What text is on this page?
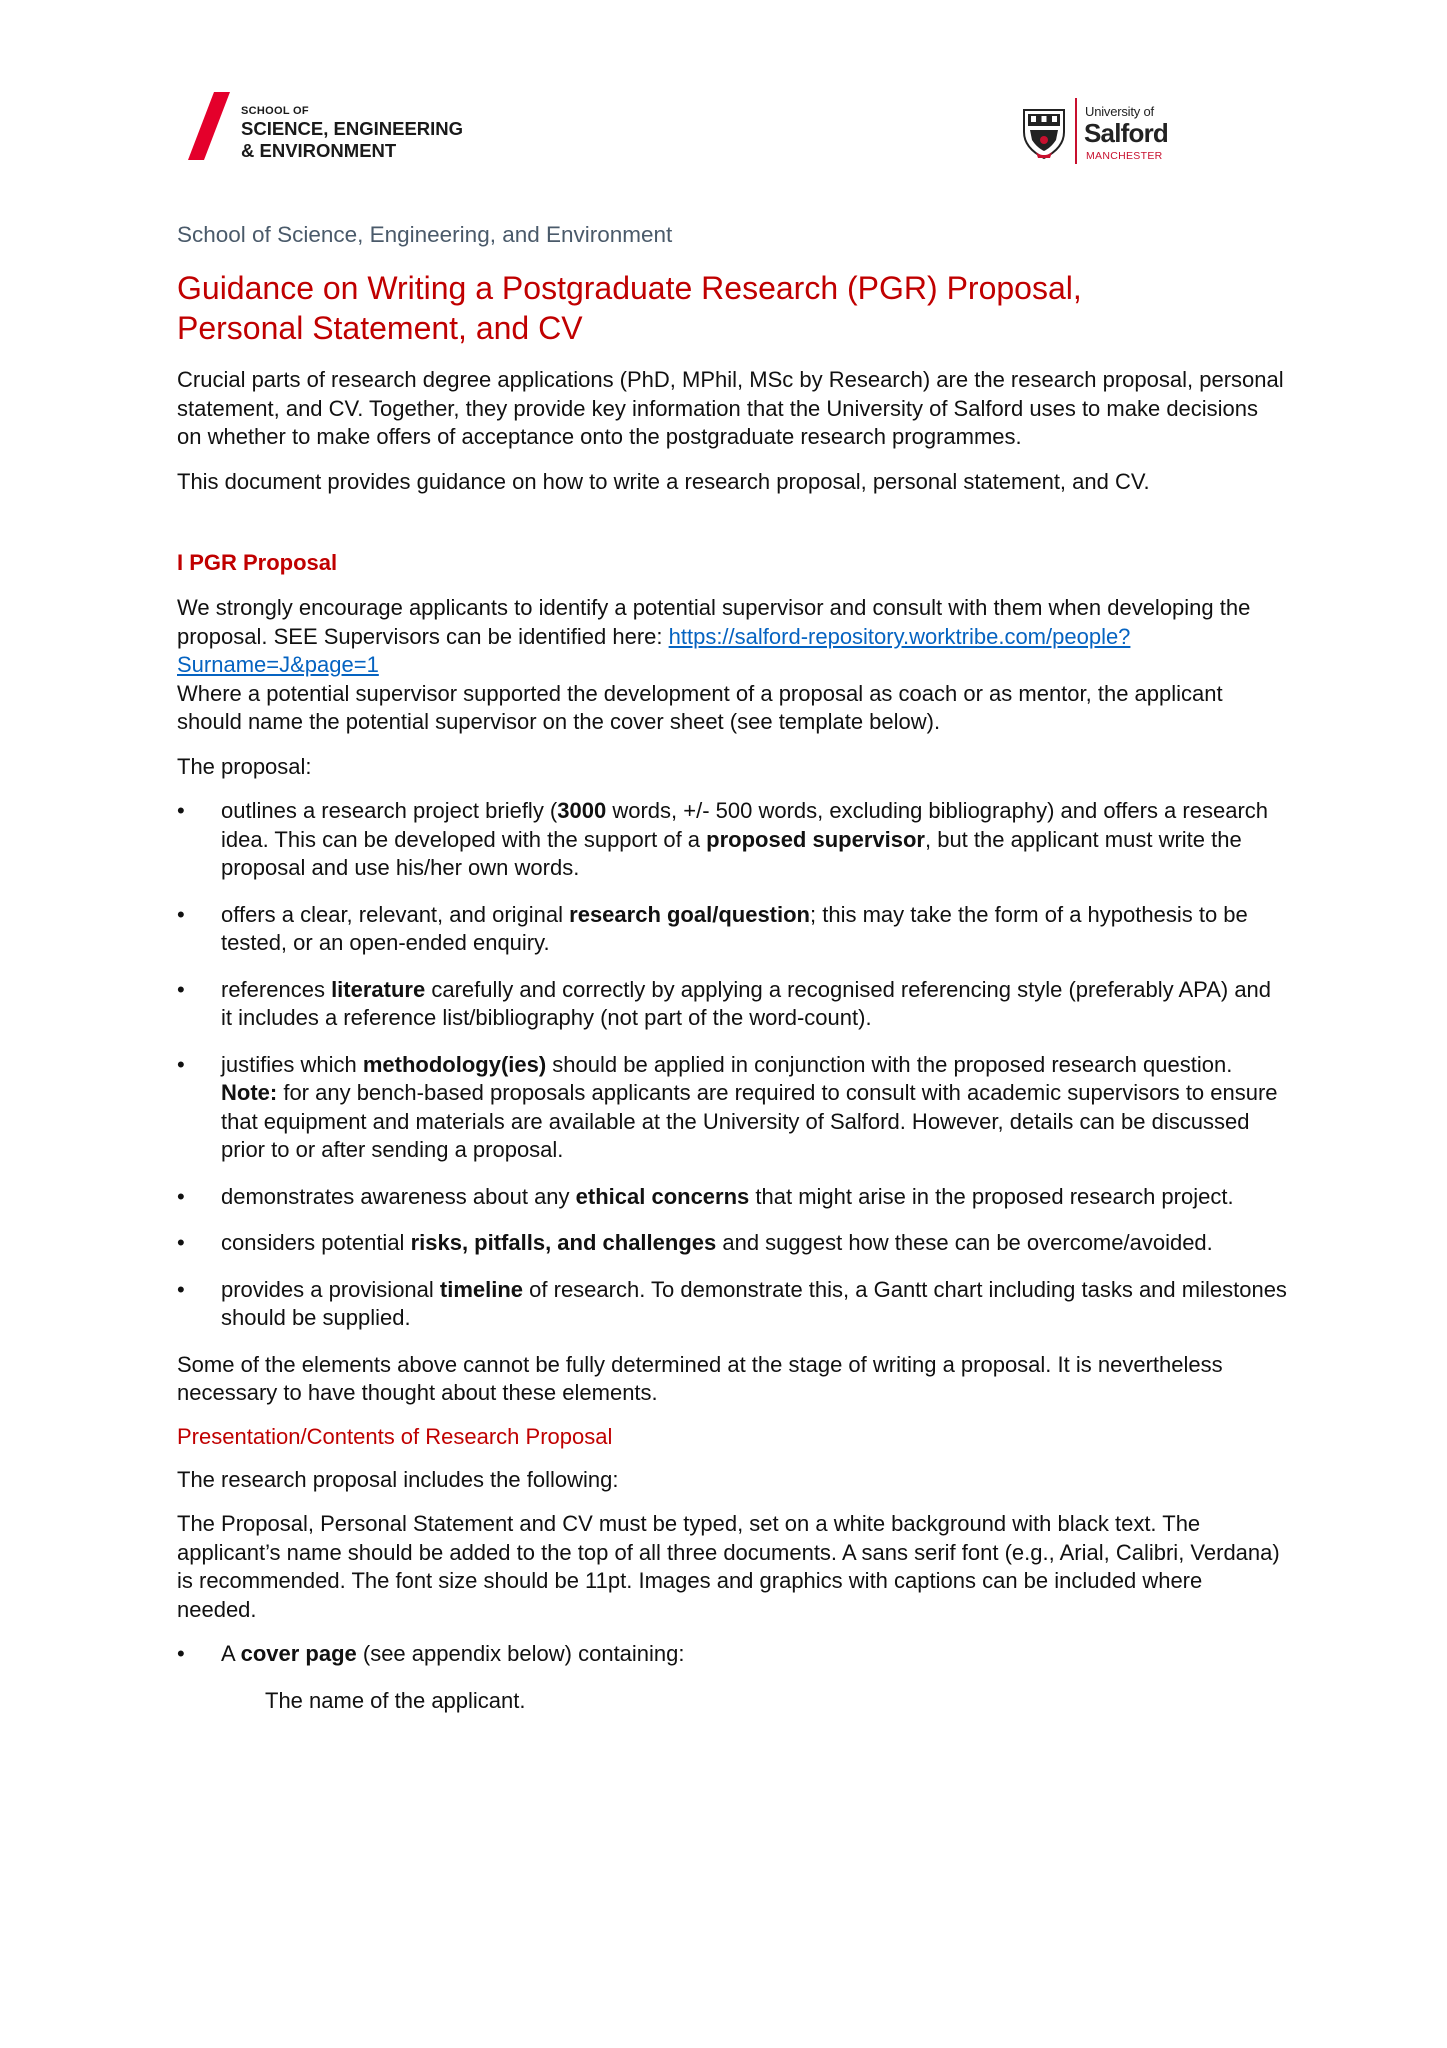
SCHOOL OF
SCIENCE, ENGINEERING
& ENVIRONMENT
University of
Salford
MANCHESTER
School of Science, Engineering, and Environment
Guidance on Writing a Postgraduate Research (PGR) Proposal,
Personal Statement, and CV

Crucial parts of research degree applications (PhD, MPhil, MSc by Research) are the research proposal, personal statement, and CV. Together, they provide key information that the University of Salford uses to make decisions on whether to make offers of acceptance onto the postgraduate research programmes.

This document provides guidance on how to write a research proposal, personal statement, and CV.

I PGR Proposal

We strongly encourage applicants to identify a potential supervisor and consult with them when developing the proposal. SEE Supervisors can be identified here: https://salford-repository.worktribe.com/people?Surname=J&page=1

Where a potential supervisor supported the development of a proposal as coach or as mentor, the applicant should name the potential supervisor on the cover sheet (see template below).

The proposal:

• outlines a research project briefly (3000 words, +/- 500 words, excluding bibliography) and offers a research idea. This can be developed with the support of a proposed supervisor, but the applicant must write the proposal and use his/her own words.
• offers a clear, relevant, and original research goal/question; this may take the form of a hypothesis to be tested, or an open-ended enquiry.
• references literature carefully and correctly by applying a recognised referencing style (preferably APA) and it includes a reference list/bibliography (not part of the word-count).
• justifies which methodology(ies) should be applied in conjunction with the proposed research question. Note: for any bench-based proposals applicants are required to consult with academic supervisors to ensure that equipment and materials are available at the University of Salford. However, details can be discussed prior to or after sending a proposal.
• demonstrates awareness about any ethical concerns that might arise in the proposed research project.
• considers potential risks, pitfalls, and challenges and suggest how these can be overcome/avoided.
• provides a provisional timeline of research. To demonstrate this, a Gantt chart including tasks and milestones should be supplied.

Some of the elements above cannot be fully determined at the stage of writing a proposal. It is nevertheless necessary to have thought about these elements.

Presentation/Contents of Research Proposal

The research proposal includes the following:

The Proposal, Personal Statement and CV must be typed, set on a white background with black text. The applicant’s name should be added to the top of all three documents. A sans serif font (e.g., Arial, Calibri, Verdana) is recommended. The font size should be 11pt. Images and graphics with captions can be included where needed.

• A cover page (see appendix below) containing:

The name of the applicant.
